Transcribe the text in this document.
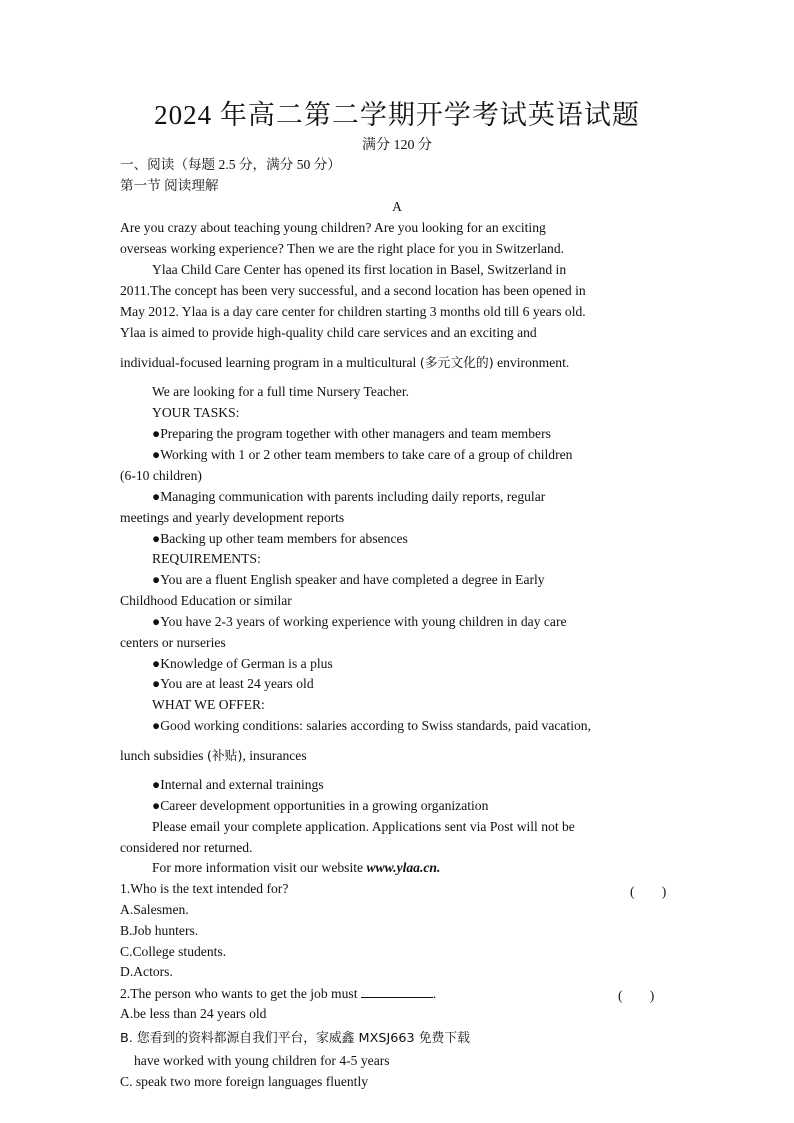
2024 年高二第二学期开学考试英语试题
满分 120 分
一、阅读（每题 2.5 分，满分 50 分）
第一节 阅读理解
A
Are you crazy about teaching young children? Are you looking for an exciting
overseas working experience? Then we are the right place for you in Switzerland.
Ylaa Child Care Center has opened its first location in Basel, Switzerland in
2011.The concept has been very successful, and a second location has been opened in
May 2012. Ylaa is a day care center for children starting 3 months old till 6 years old.
Ylaa is aimed to provide high-quality child care services and an exciting and
individual-focused learning program in a multicultural (多元文化的) environment.
We are looking for a full time Nursery Teacher.
YOUR TASKS:
●Preparing the program together with other managers and team members
●Working with 1 or 2 other team members to take care of a group of children
(6-10 children)
●Managing communication with parents including daily reports, regular
meetings and yearly development reports
●Backing up other team members for absences
REQUIREMENTS:
●You are a fluent English speaker and have completed a degree in Early
Childhood Education or similar
●You have 2-3 years of working experience with young children in day care
centers or nurseries
●Knowledge of German is a plus
●You are at least 24 years old
WHAT WE OFFER:
●Good working conditions: salaries according to Swiss standards, paid vacation,
lunch subsidies (补贴), insurances
●Internal and external trainings
●Career development opportunities in a growing organization
Please email your complete application. Applications sent via Post will not be
considered nor returned.
For more information visit our website www.ylaa.cn.
1.Who is the text intended for?	(　　)
A.Salesmen.
B.Job hunters.
C.College students.
D.Actors.
2.The person who wants to get the job must	.	(　　)
A.be less than 24 years old
B. 您看到的资料都源自我们平台，家威鑫 MXSJ663 免费下载
have worked with young children for 4-5 years
C. speak two more foreign languages fluently
